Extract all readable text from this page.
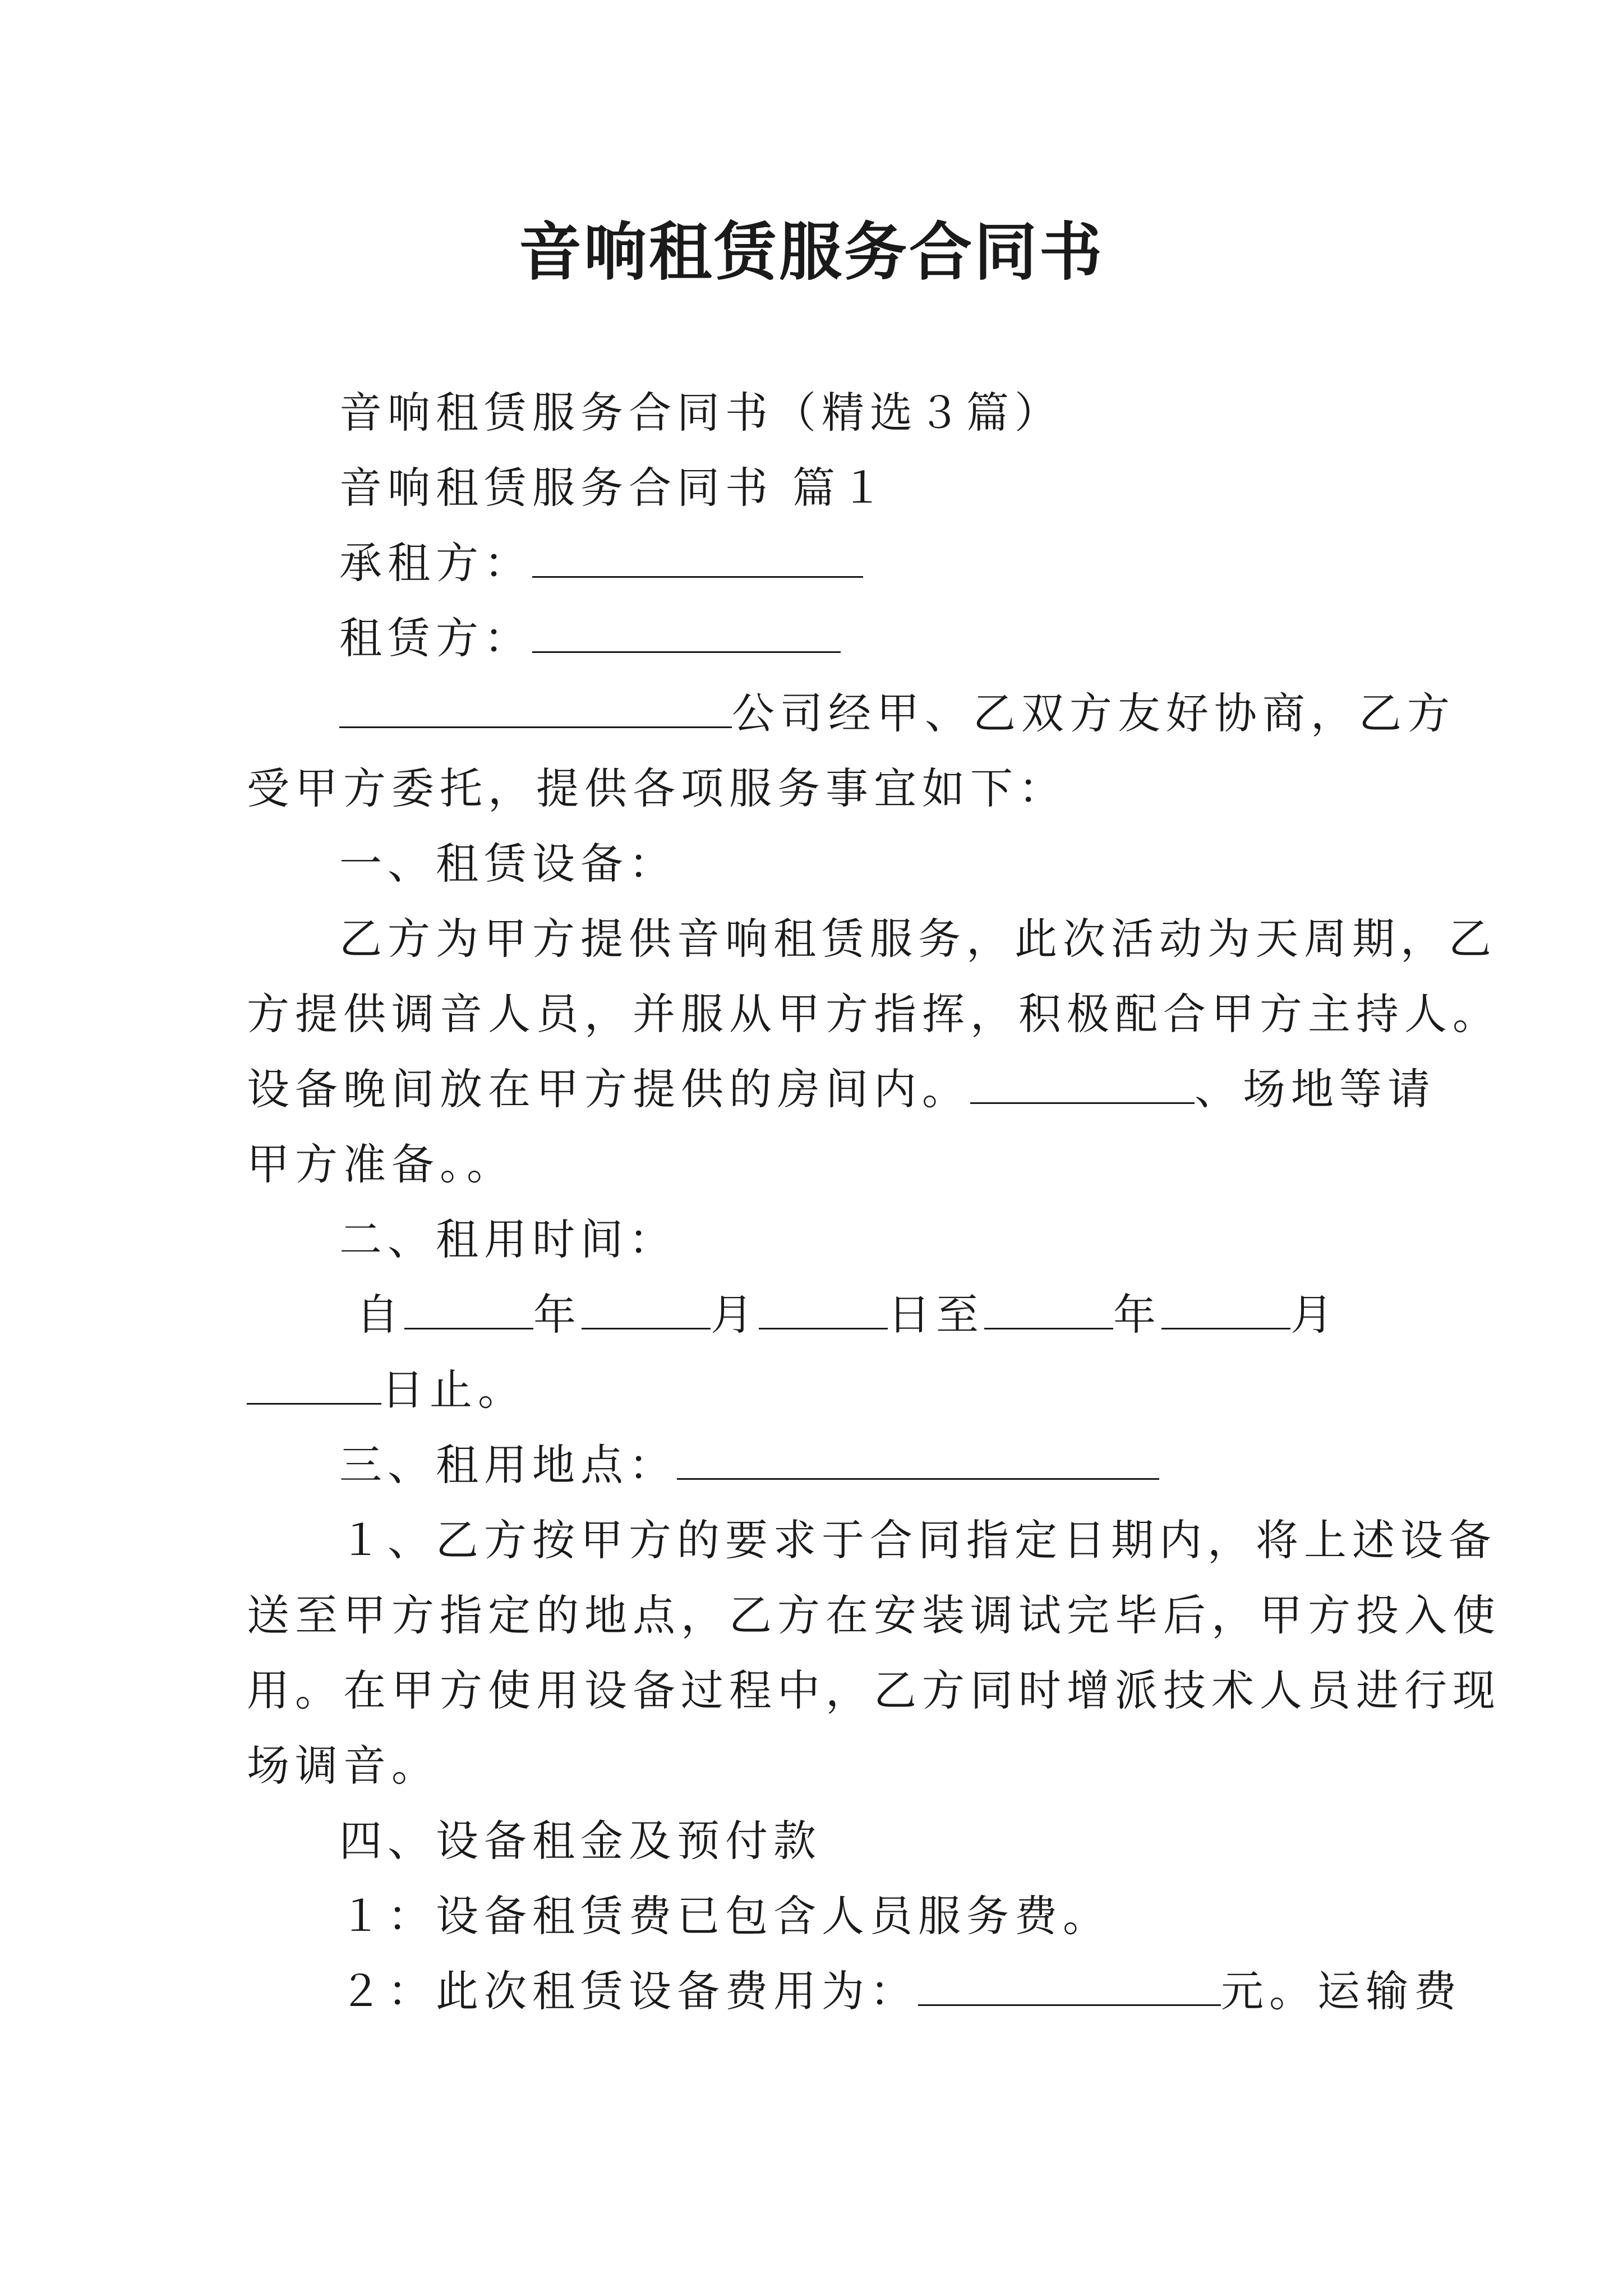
音响租赁服务合同书
音响租赁服务合同书（精选３篇）
音响租赁服务合同书 篇１
承租方：
租赁方：
公司经甲、乙双方友好协商，乙方
受甲方委托，提供各项服务事宜如下：
一、租赁设备：
乙方为甲方提供音响租赁服务，此次活动为天周期，乙
方提供调音人员，并服从甲方指挥，积极配合甲方主持人。
设备晚间放在甲方提供的房间内。	、场地等请
甲方准备。。
二、租用时间：
自	年	月	日至	年	月
日止。
三、租用地点：
１、乙方按甲方的要求于合同指定日期内，将上述设备
送至甲方指定的地点，乙方在安装调试完毕后，甲方投入使
用。在甲方使用设备过程中，乙方同时增派技术人员进行现
场调音。
四、设备租金及预付款
１：设备租赁费已包含人员服务费。
２：此次租赁设备费用为：	元。运输费
